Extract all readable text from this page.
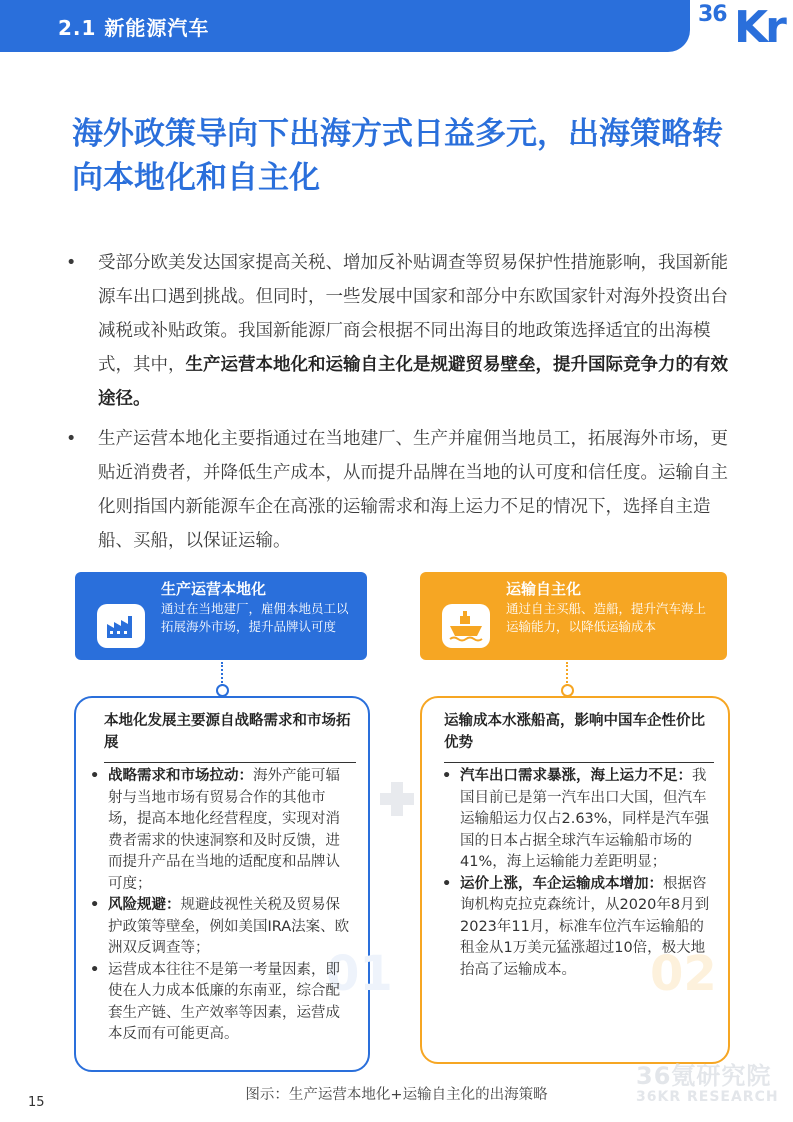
2.1 新能源汽车
36 Kr
海外政策导向下出海方式日益多元，出海策略转向本地化和自主化
• 受部分欧美发达国家提高关税、增加反补贴调查等贸易保护性措施影响，我国新能源车出口遇到挑战。但同时，一些发展中国家和部分中东欧国家针对海外投资出台减税或补贴政策。我国新能源厂商会根据不同出海目的地政策选择适宜的出海模式，其中，生产运营本地化和运输自主化是规避贸易壁垒，提升国际竞争力的有效途径。
• 生产运营本地化主要指通过在当地建厂、生产并雇佣当地员工，拓展海外市场，更贴近消费者，并降低生产成本，从而提升品牌在当地的认可度和信任度。运输自主化则指国内新能源车企在高涨的运输需求和海上运力不足的情况下，选择自主造船、买船，以保证运输。
生产运营本地化
通过在当地建厂，雇佣本地员工以拓展海外市场，提升品牌认可度
运输自主化
通过自主买船、造船，提升汽车海上运输能力，以降低运输成本
01
本地化发展主要源自战略需求和市场拓展
• 战略需求和市场拉动：海外产能可辐射与当地市场有贸易合作的其他市场，提高本地化经营程度，实现对消费者需求的快速洞察和及时反馈，进而提升产品在当地的适配度和品牌认可度；
• 风险规避：规避歧视性关税及贸易保护政策等壁垒，例如美国IRA法案、欧洲双反调查等；
• 运营成本往往不是第一考量因素，即使在人力成本低廉的东南亚，综合配套生产链、生产效率等因素，运营成本反而有可能更高。
02
运输成本水涨船高，影响中国车企性价比优势
• 汽车出口需求暴涨，海上运力不足：我国目前已是第一汽车出口大国，但汽车运输船运力仅占2.63%，同样是汽车强国的日本占据全球汽车运输船市场的41%，海上运输能力差距明显；
• 运价上涨，车企运输成本增加：根据咨询机构克拉克森统计，从2020年8月到2023年11月，标准车位汽车运输船的租金从1万美元猛涨超过10倍，极大地抬高了运输成本。
36氪研究院
图示：生产运营本地化+运输自主化的出海策略	36KR RESEARCH
15
